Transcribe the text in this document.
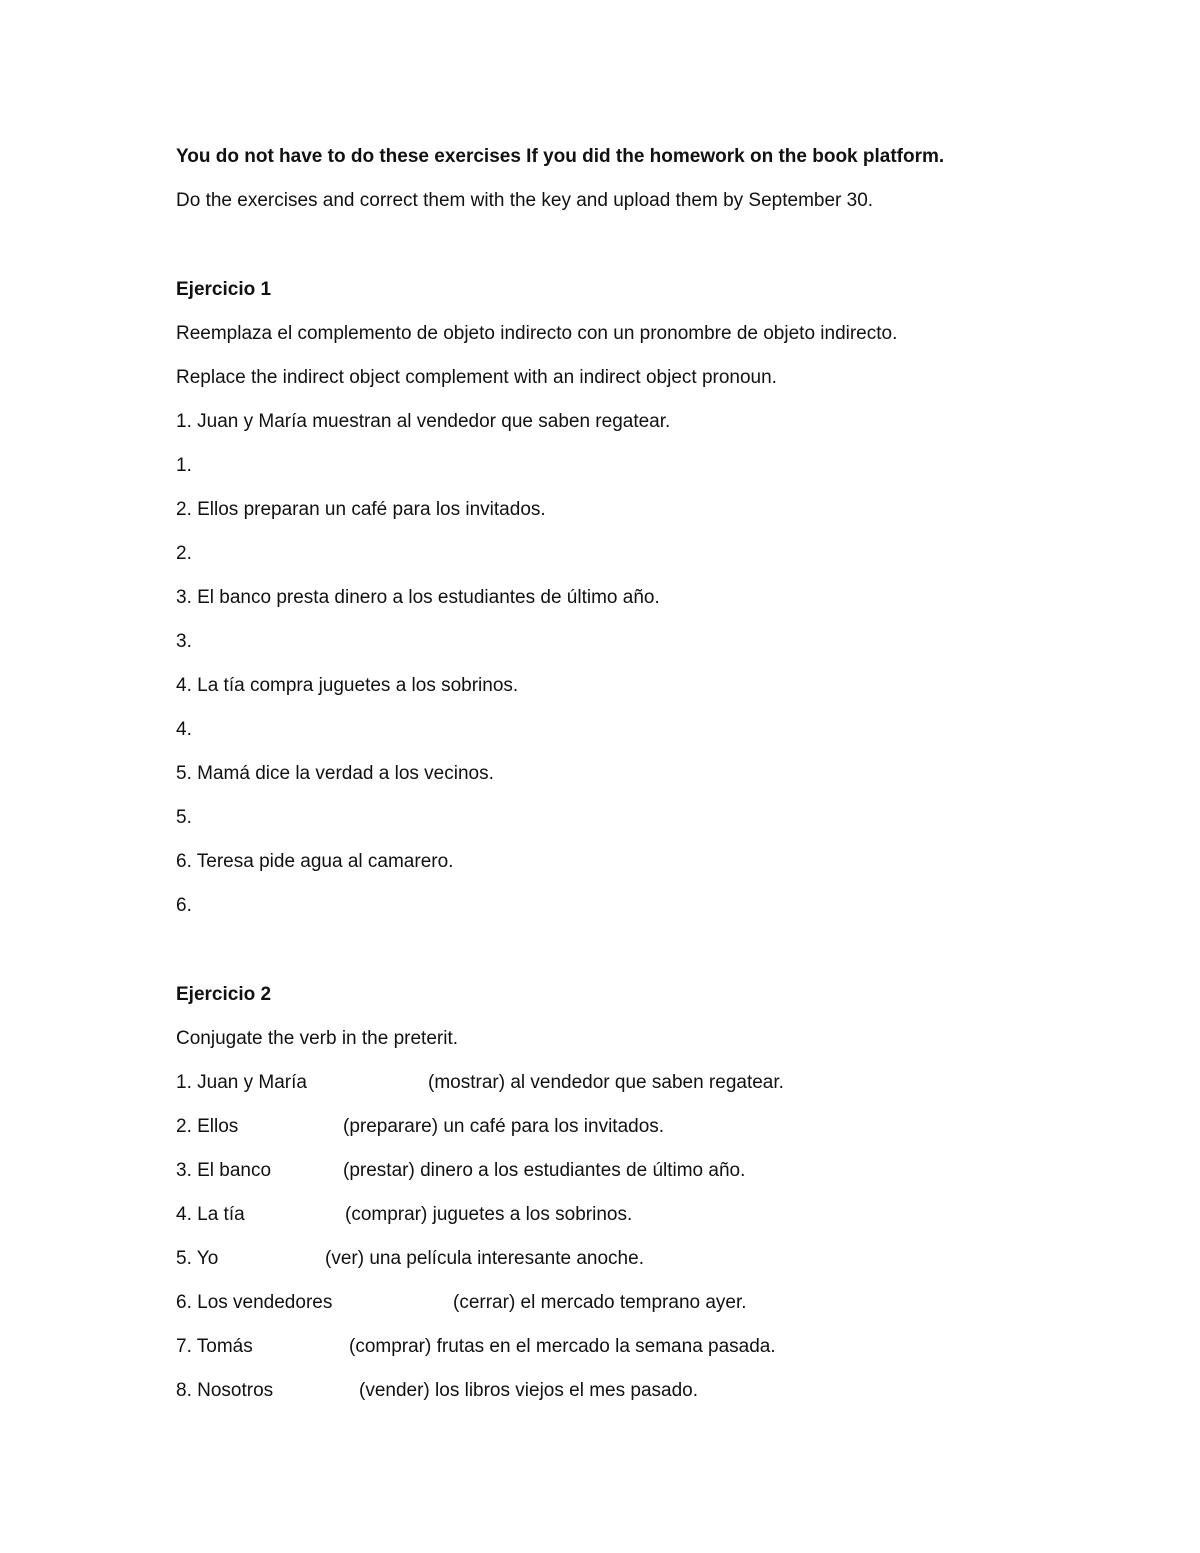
You do not have to do these exercises If you did the homework on the book platform.
Do the exercises and correct them with the key and upload them by September 30.
Ejercicio 1
Reemplaza el complemento de objeto indirecto con un pronombre de objeto indirecto.
Replace the indirect object complement with an indirect object pronoun.
1. Juan y María muestran al vendedor que saben regatear.
1.
2. Ellos preparan un café para los invitados.
2.
3. El banco presta dinero a los estudiantes de último año.
3.
4. La tía compra juguetes a los sobrinos.
4.
5. Mamá dice la verdad a los vecinos.
5.
6. Teresa pide agua al camarero.
6.
Ejercicio 2
Conjugate the verb in the preterit.
1. Juan y María	(mostrar) al vendedor que saben regatear.
2. Ellos	(preparare) un café para los invitados.
3. El banco	(prestar) dinero a los estudiantes de último año.
4. La tía	(comprar) juguetes a los sobrinos.
5. Yo	(ver) una película interesante anoche.
6. Los vendedores	(cerrar) el mercado temprano ayer.
7. Tomás	(comprar) frutas en el mercado la semana pasada.
8. Nosotros	(vender) los libros viejos el mes pasado.
